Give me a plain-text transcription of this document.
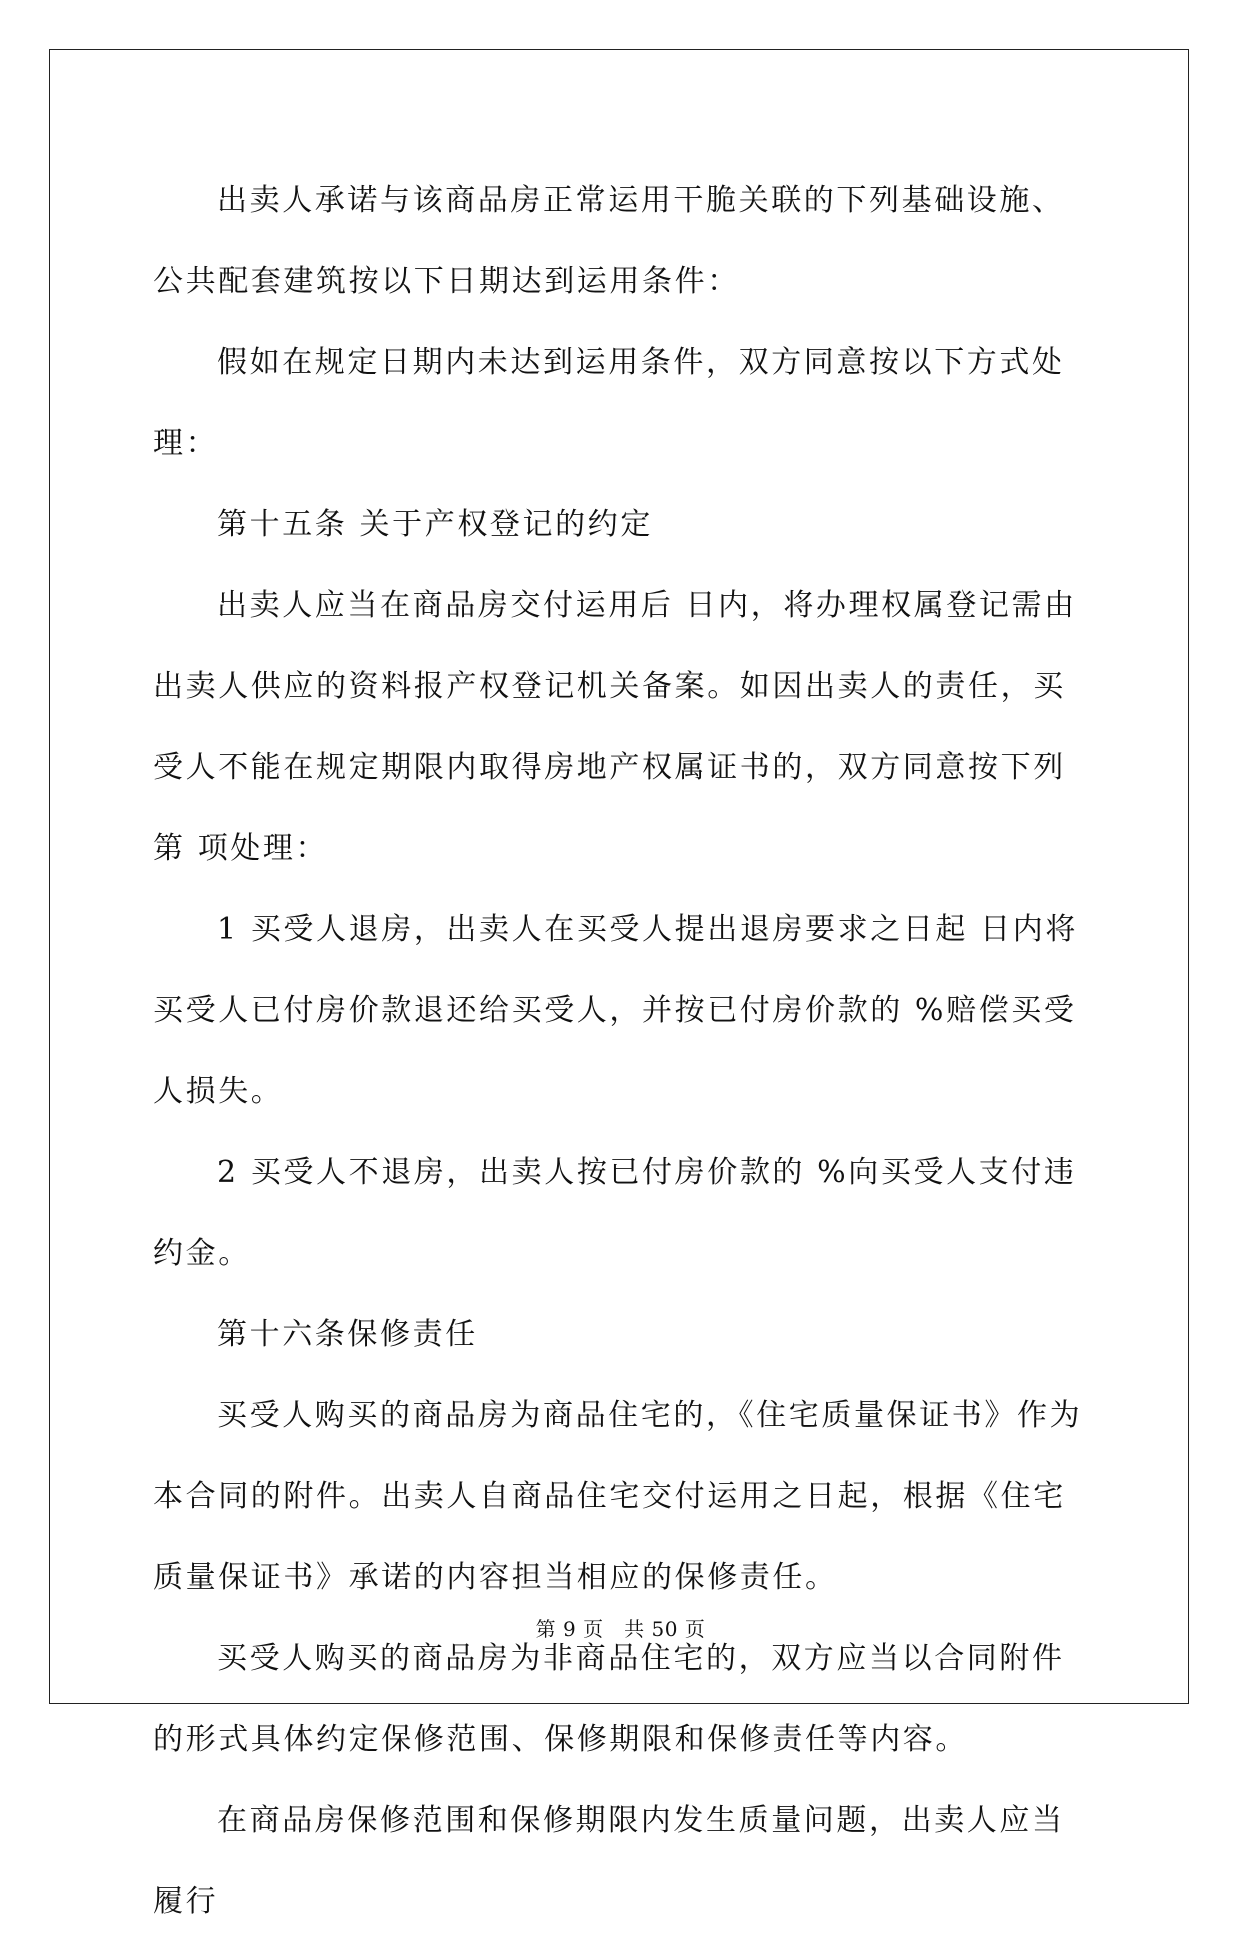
出卖人承诺与该商品房正常运用干脆关联的下列基础设施、公共配套建筑按以下日期达到运用条件：

假如在规定日期内未达到运用条件，双方同意按以下方式处理：

第十五条 关于产权登记的约定

出卖人应当在商品房交付运用后 日内，将办理权属登记需由出卖人供应的资料报产权登记机关备案。如因出卖人的责任，买受人不能在规定期限内取得房地产权属证书的，双方同意按下列第 项处理：

1 买受人退房，出卖人在买受人提出退房要求之日起 日内将买受人已付房价款退还给买受人，并按已付房价款的 %赔偿买受人损失。

2 买受人不退房，出卖人按已付房价款的 %向买受人支付违约金。

第十六条保修责任

买受人购买的商品房为商品住宅的，《住宅质量保证书》作为本合同的附件。出卖人自商品住宅交付运用之日起，根据《住宅质量保证书》承诺的内容担当相应的保修责任。

买受人购买的商品房为非商品住宅的，双方应当以合同附件的形式具体约定保修范围、保修期限和保修责任等内容。

在商品房保修范围和保修期限内发生质量问题，出卖人应当履行

第 9 页 共 50 页
